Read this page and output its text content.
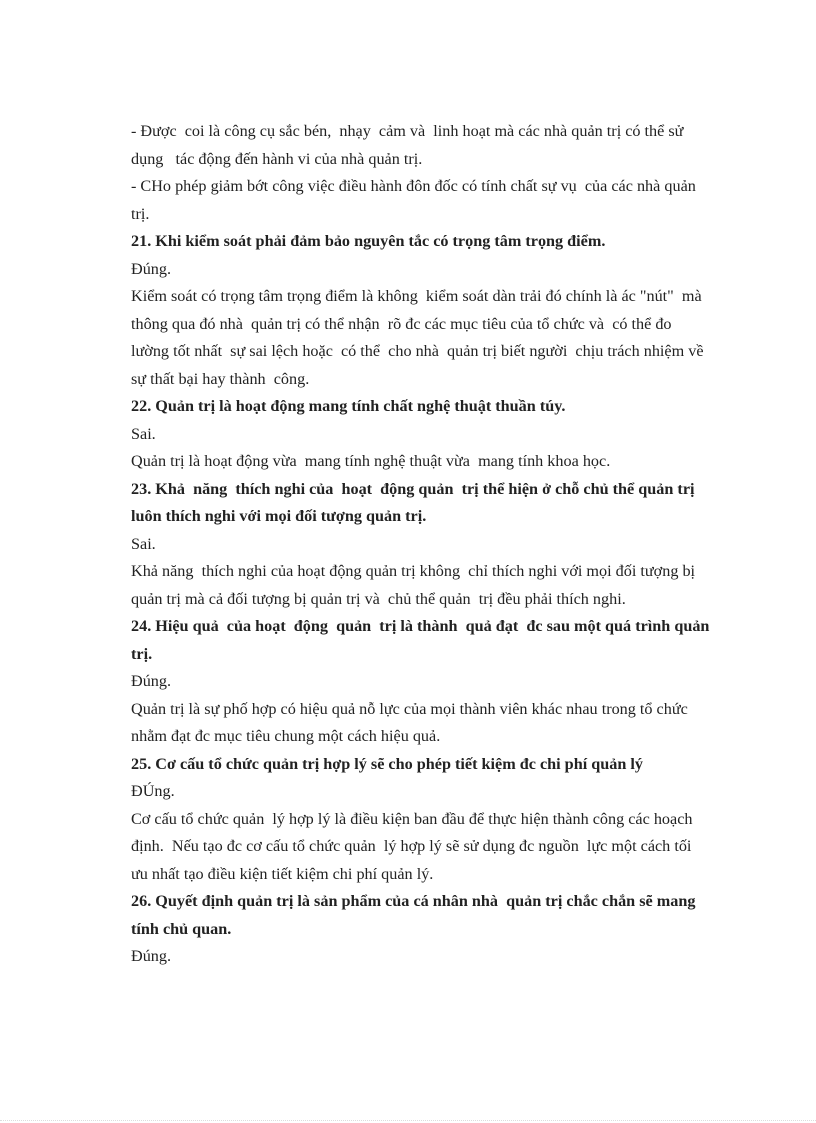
- Được  coi là công cụ sắc bén,  nhạy  cảm và  linh hoạt mà các nhà quản trị có thể sử
dụng   tác động đến hành vi của nhà quản trị.
- CHo phép giảm bớt công việc điều hành đôn đốc có tính chất sự vụ  của các nhà quản
trị.
21. Khi kiểm soát phải đảm bảo nguyên tắc có trọng tâm trọng điểm.
Đúng.
Kiểm soát có trọng tâm trọng điểm là không  kiểm soát dàn trải đó chính là ác "nút"  mà
thông qua đó nhà  quản trị có thể nhận  rõ đc các mục tiêu của tổ chức và  có thể đo
lường tốt nhất  sự sai lệch hoặc  có thể  cho nhà  quản trị biết người  chịu trách nhiệm về
sự thất bại hay thành  công.
22. Quản trị là hoạt động mang tính chất nghệ thuật thuần túy.
Sai.
Quản trị là hoạt động vừa  mang tính nghệ thuật vừa  mang tính khoa học.
23. Khả  năng  thích nghi của  hoạt  động quản  trị thể hiện ở chỗ chủ thể quản trị
luôn thích nghi với mọi đối tượng quản trị.
Sai.
Khả năng  thích nghi của hoạt động quản trị không  chỉ thích nghi với mọi đối tượng bị
quản trị mà cả đối tượng bị quản trị và  chủ thể quản  trị đều phải thích nghi.
24. Hiệu quả  của hoạt  động  quản  trị là thành  quả đạt  đc sau một quá trình quản
trị.
Đúng.
Quản trị là sự phố hợp có hiệu quả nỗ lực của mọi thành viên khác nhau trong tổ chức
nhằm đạt đc mục tiêu chung một cách hiệu quả.
25. Cơ cấu tổ chức quản trị hợp lý sẽ cho phép tiết kiệm đc chi phí quản lý
ĐÚng.
Cơ cấu tổ chức quản  lý hợp lý là điều kiện ban đầu để thực hiện thành công các hoạch
định.  Nếu tạo đc cơ cấu tổ chức quản  lý hợp lý sẽ sử dụng đc nguồn  lực một cách tối
ưu nhất tạo điều kiện tiết kiệm chi phí quản lý.
26. Quyết định quản trị là sản phẩm của cá nhân nhà  quản trị chắc chắn sẽ mang
tính chủ quan.
Đúng.
